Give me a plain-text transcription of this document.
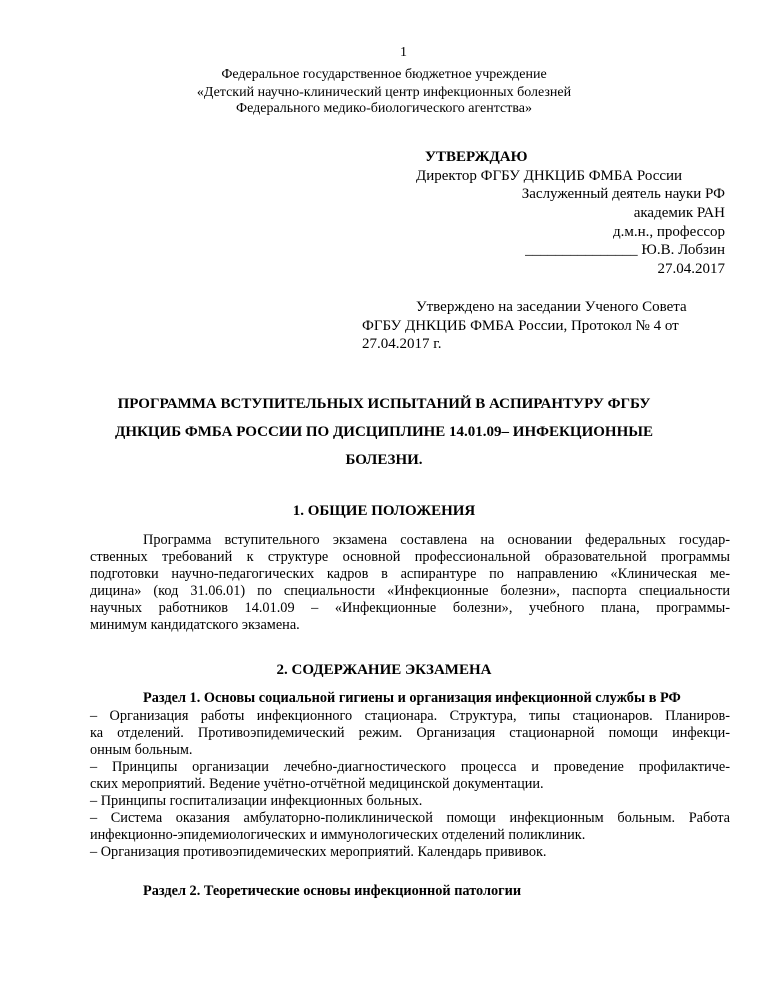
1
Федеральное государственное бюджетное учреждение
«Детский научно-клинический центр инфекционных болезней
Федерального медико-биологического агентства»
УТВЕРЖДАЮ
Директор ФГБУ ДНКЦИБ ФМБА России
Заслуженный деятель науки РФ
академик РАН
д.м.н., профессор
_______________ Ю.В. Лобзин
27.04.2017
Утверждено на заседании Ученого Совета
ФГБУ ДНКЦИБ ФМБА России, Протокол № 4 от
27.04.2017 г.
ПРОГРАММА ВСТУПИТЕЛЬНЫХ ИСПЫТАНИЙ В АСПИРАНТУРУ ФГБУ
ДНКЦИБ ФМБА РОССИИ ПО ДИСЦИПЛИНЕ 14.01.09– ИНФЕКЦИОННЫЕ
БОЛЕЗНИ.
1. ОБЩИЕ ПОЛОЖЕНИЯ
Программа вступительного экзамена составлена на основании федеральных государ-
ственных требований к структуре основной профессиональной образовательной программы
подготовки научно-педагогических кадров в аспирантуре по направлению «Клиническая ме-
дицина» (код 31.06.01) по специальности «Инфекционные болезни», паспорта специальности
научных работников 14.01.09 – «Инфекционные болезни», учебного плана, программы-
минимум кандидатского экзамена.
2. СОДЕРЖАНИЕ ЭКЗАМЕНА
Раздел 1. Основы социальной гигиены и организация инфекционной службы в РФ
– Организация работы инфекционного стационара. Структура, типы стационаров. Планиров-
ка отделений. Противоэпидемический режим. Организация стационарной помощи инфекци-
онным больным.
– Принципы организации лечебно-диагностического процесса и проведение профилактиче-
ских мероприятий. Ведение учётно-отчётной медицинской документации.
– Принципы госпитализации инфекционных больных.
– Система оказания амбулаторно-поликлинической помощи инфекционным больным. Работа
инфекционно-эпидемиологических и иммунологических отделений поликлиник.
– Организация противоэпидемических мероприятий. Календарь прививок.
Раздел 2. Теоретические основы инфекционной патологии
